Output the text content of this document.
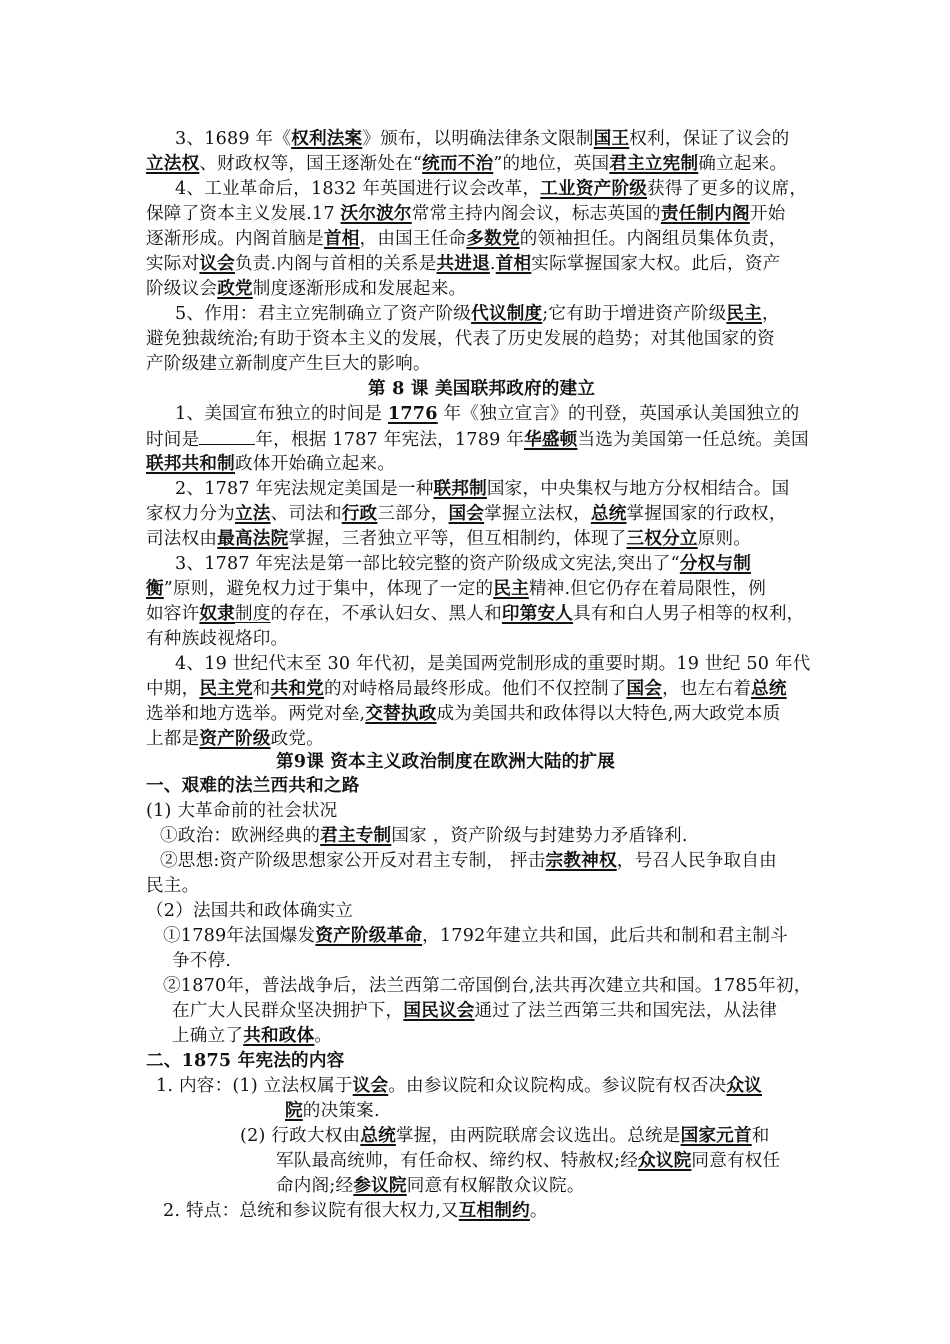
3、1689 年《权利法案》颁布，以明确法律条文限制国王权利，保证了议会的
立法权、财政权等，国王逐渐处在“统而不治”的地位，英国君主立宪制确立起来。
4、工业革命后，1832 年英国进行议会改革，工业资产阶级获得了更多的议席，
保障了资本主义发展.17 沃尔波尔常常主持内阁会议，标志英国的责任制内阁开始
逐渐形成。内阁首脑是首相，由国王任命多数党的领袖担任。内阁组员集体负责，
实际对议会负责.内阁与首相的关系是共进退.首相实际掌握国家大权。此后，资产
阶级议会政党制度逐渐形成和发展起来。
5、作用：君主立宪制确立了资产阶级代议制度;它有助于增进资产阶级民主，
避免独裁统治;有助于资本主义的发展，代表了历史发展的趋势；对其他国家的资
产阶级建立新制度产生巨大的影响。
第 8 课 美国联邦政府的建立
1、美国宣布独立的时间是 1776 年《独立宣言》的刊登，英国承认美国独立的
时间是	年，根据 1787 年宪法，1789 年华盛顿当选为美国第一任总统。美国
联邦共和制政体开始确立起来。
2、1787 年宪法规定美国是一种联邦制国家，中央集权与地方分权相结合。国
家权力分为立法、司法和行政三部分，国会掌握立法权，总统掌握国家的行政权，
司法权由最高法院掌握，三者独立平等，但互相制约，体现了三权分立原则。
3、1787 年宪法是第一部比较完整的资产阶级成文宪法,突出了“分权与制
衡”原则，避免权力过于集中，体现了一定的民主精神.但它仍存在着局限性，例
如容许奴隶制度的存在，不承认妇女、黑人和印第安人具有和白人男子相等的权利，
有种族歧视烙印。
4、19 世纪代末至 30 年代初，是美国两党制形成的重要时期。19 世纪 50 年代
中期，民主党和共和党的对峙格局最终形成。他们不仅控制了国会，也左右着总统
选举和地方选举。两党对垒,交替执政成为美国共和政体得以大特色,两大政党本质
上都是资产阶级政党。
第9课 资本主义政治制度在欧洲大陆的扩展
一、艰难的法兰西共和之路
(1) 大革命前的社会状况
①政治：欧洲经典的君主专制国家 ，资产阶级与封建势力矛盾锋利.
②思想:资产阶级思想家公开反对君主专制， 抨击宗教神权，号召人民争取自由
民主。
（2）法国共和政体确实立
①1789年法国爆发资产阶级革命，1792年建立共和国，此后共和制和君主制斗
争不停.
②1870年，普法战争后，法兰西第二帝国倒台,法共再次建立共和国。1785年初，
在广大人民群众坚决拥护下，国民议会通过了法兰西第三共和国宪法，从法律
上确立了共和政体。
二、1875 年宪法的内容
1. 内容：(1) 立法权属于议会。由参议院和众议院构成。参议院有权否决众议
院的决策案.
(2) 行政大权由总统掌握，由两院联席会议选出。总统是国家元首和
军队最高统帅，有任命权、缔约权、特赦权;经众议院同意有权任
命内阁;经参议院同意有权解散众议院。
2. 特点：总统和参议院有很大权力,又互相制约。
